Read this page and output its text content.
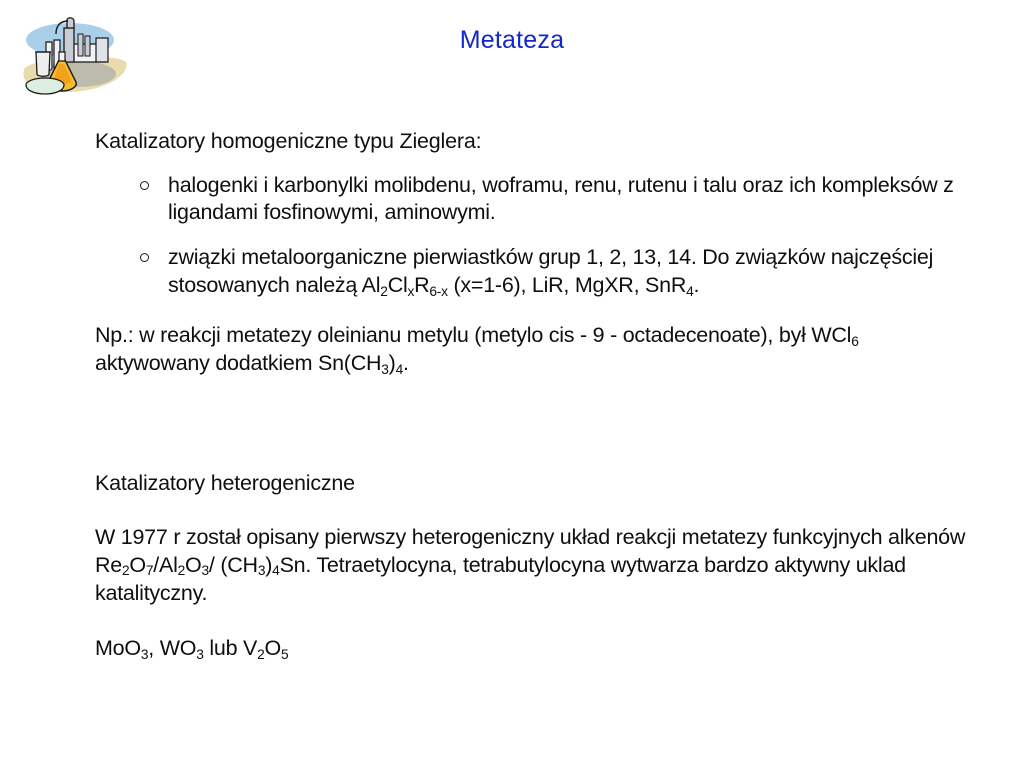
Metateza
Katalizatory homogeniczne typu Zieglera:
halogenki i karbonylki molibdenu, woframu, renu, rutenu i talu oraz ich kompleksów z ligandami fosfinowymi, aminowymi.
związki metaloorganiczne pierwiastków grup 1, 2, 13, 14. Do związków najczęściej stosowanych należą $Al_2Cl_xR_{6-x}$ (x=1-6), LiR, MgXR, SnR$_4$.
Np.: w reakcji metatezy oleinianu metylu (metylo cis - 9 - octadecenoate), był WCl$_6$ aktywowany dodatkiem $Sn(CH_3)_4$.
Katalizatory heterogeniczne
W 1977 r został opisany pierwszy heterogeniczny układ reakcji metatezy funkcyjnych alkenów $Re_2O_7/Al_2O_3/$ $(CH_3)_4Sn$. Tetraetylocyna, tetrabutylocyna wytwarza bardzo aktywny uklad katalityczny.
MoO$_3$, $WO_3$ lub $V_2O_5$
